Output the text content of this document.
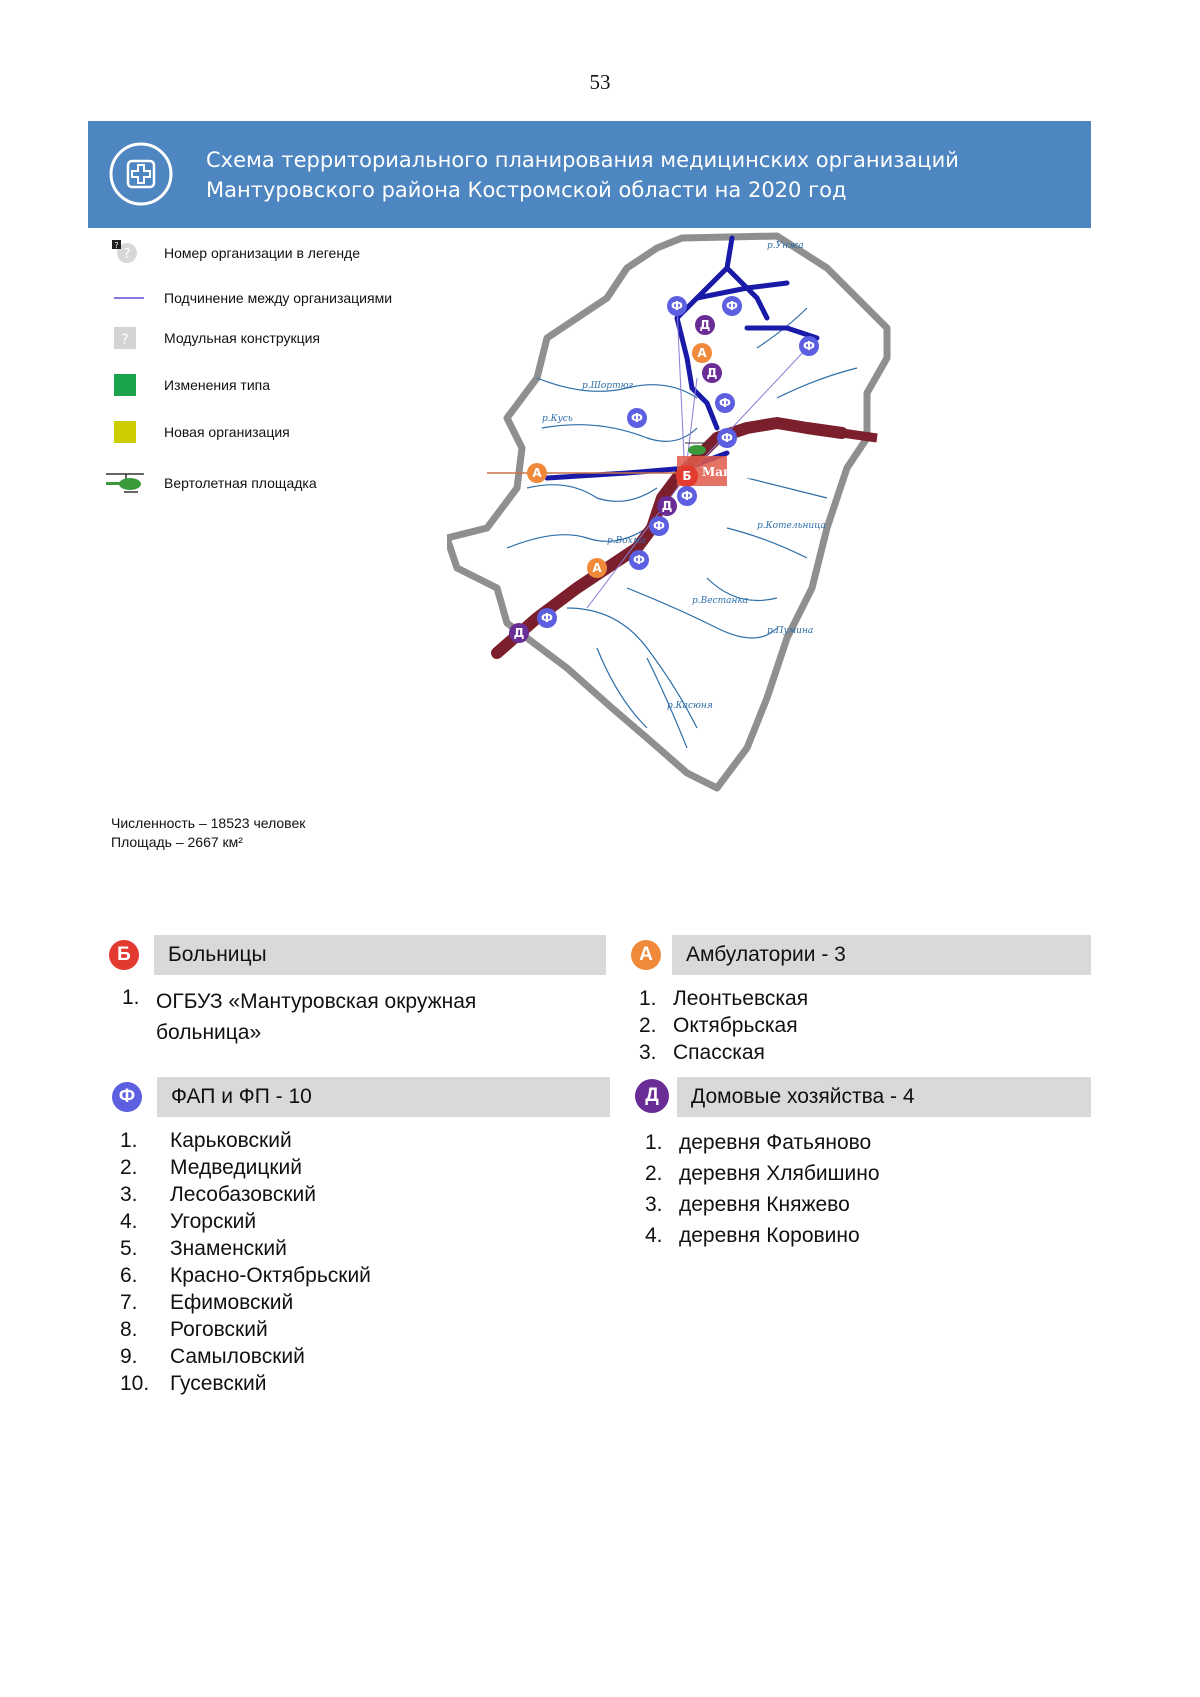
53
Схема территориального планирования медицинских организаций
Мантуровского района Костромской области на 2020 год
?
?	Номер организации в легенде
Подчинение между организациями
?	Модульная конструкция
Изменения типа
Новая организация
Вертолетная площадка
Мантурово
Б
А
А
А
Ф	Ф
Ф
Ф
Ф
Ф
Ф
Ф
Ф
Ф
Д
Д
Д
Д
р.Унжа
р.Кусь
р.Шортюг
р.Котельница
р.Вохма
р.Пумина
р.Вестанка
р.Касюня
Численность – 18523 человек
Площадь – 2667 км²
Б	Больницы
1. ОГБУЗ «Мантуровская окружная
больница»
А	Амбулатории - 3
1. Леонтьевская
2. Октябрьская
3. Спасская
Ф	ФАП и ФП - 10
1.	Карьковский
2.	Медведицкий
3.	Лесобазовский
4.	Угорский
5.	Знаменский
6.	Красно-Октябрьский
7.	Ефимовский
8.	Роговский
9.	Самыловский
10. Гусевский
Д	Домовые хозяйства - 4
1. деревня Фатьяново
2. деревня Хлябишино
3. деревня Княжево
4. деревня Коровино
